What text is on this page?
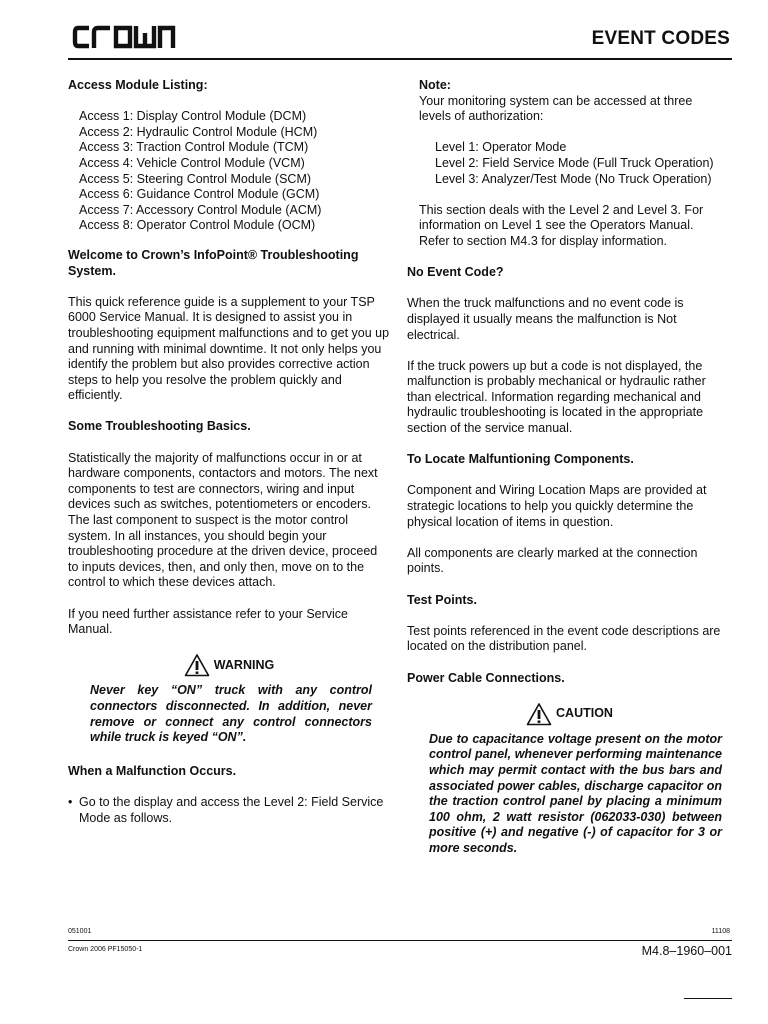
EVENT CODES

Access Module Listing:

Access 1: Display Control Module (DCM)
Access 2: Hydraulic Control Module (HCM)
Access 3: Traction Control Module (TCM)
Access 4: Vehicle Control Module (VCM)
Access 5: Steering Control Module (SCM)
Access 6: Guidance Control Module (GCM)
Access 7: Accessory Control Module (ACM)
Access 8: Operator Control Module (OCM)

Welcome to Crown’s InfoPoint® Troubleshooting System.

This quick reference guide is a supplement to your TSP 6000 Service Manual. It is designed to assist you in troubleshooting equipment malfunctions and to get you up and running with minimal downtime. It not only helps you identify the problem but also provides corrective action steps to help you resolve the problem quickly and efficiently.

Some Troubleshooting Basics.

Statistically the majority of malfunctions occur in or at hardware components, contactors and motors. The next components to test are connectors, wiring and input devices such as switches, potentiometers or encoders. The last component to suspect is the motor control system. In all instances, you should begin your troubleshooting procedure at the driven device, proceed to inputs devices, then, and only then, move on to the control to which these devices attach.

If you need further assistance refer to your Service Manual.

WARNING

Never key “ON” truck with any control connectors disconnected. In addition, never remove or connect any control connectors while truck is keyed “ON”.

When a Malfunction Occurs.

• Go to the display and access the Level 2: Field Service Mode as follows.
Note:

Your monitoring system can be accessed at three levels of authorization:

Level 1: Operator Mode
Level 2: Field Service Mode (Full Truck Operation)
Level 3: Analyzer/Test Mode (No Truck Operation)

This section deals with the Level 2 and Level 3. For information on Level 1 see the Operators Manual. Refer to section M4.3 for display information.

No Event Code?

When the truck malfunctions and no event code is displayed it usually means the malfunction is Not electrical.

If the truck powers up but a code is not displayed, the malfunction is probably mechanical or hydraulic rather than electrical. Information regarding mechanical and hydraulic troubleshooting is located in the appropriate section of the service manual.

To Locate Malfuntioning Components.

Component and Wiring Location Maps are provided at strategic locations to help you quickly determine the physical location of items in question.

All components are clearly marked at the connection points.

Test Points.

Test points referenced in the event code descriptions are located on the distribution panel.

Power Cable Connections.

CAUTION

Due to capacitance voltage present on the motor control panel, whenever performing maintenance which may permit contact with the bus bars and associated power cables, discharge capacitor on the traction control panel by placing a minimum 100 ohm, 2 watt resistor (062033-030) between positive (+) and negative (-) of capacitor for 3 or more seconds.

051001	11108
Crown 2006 PF15050-1	M4.8–1960–001
